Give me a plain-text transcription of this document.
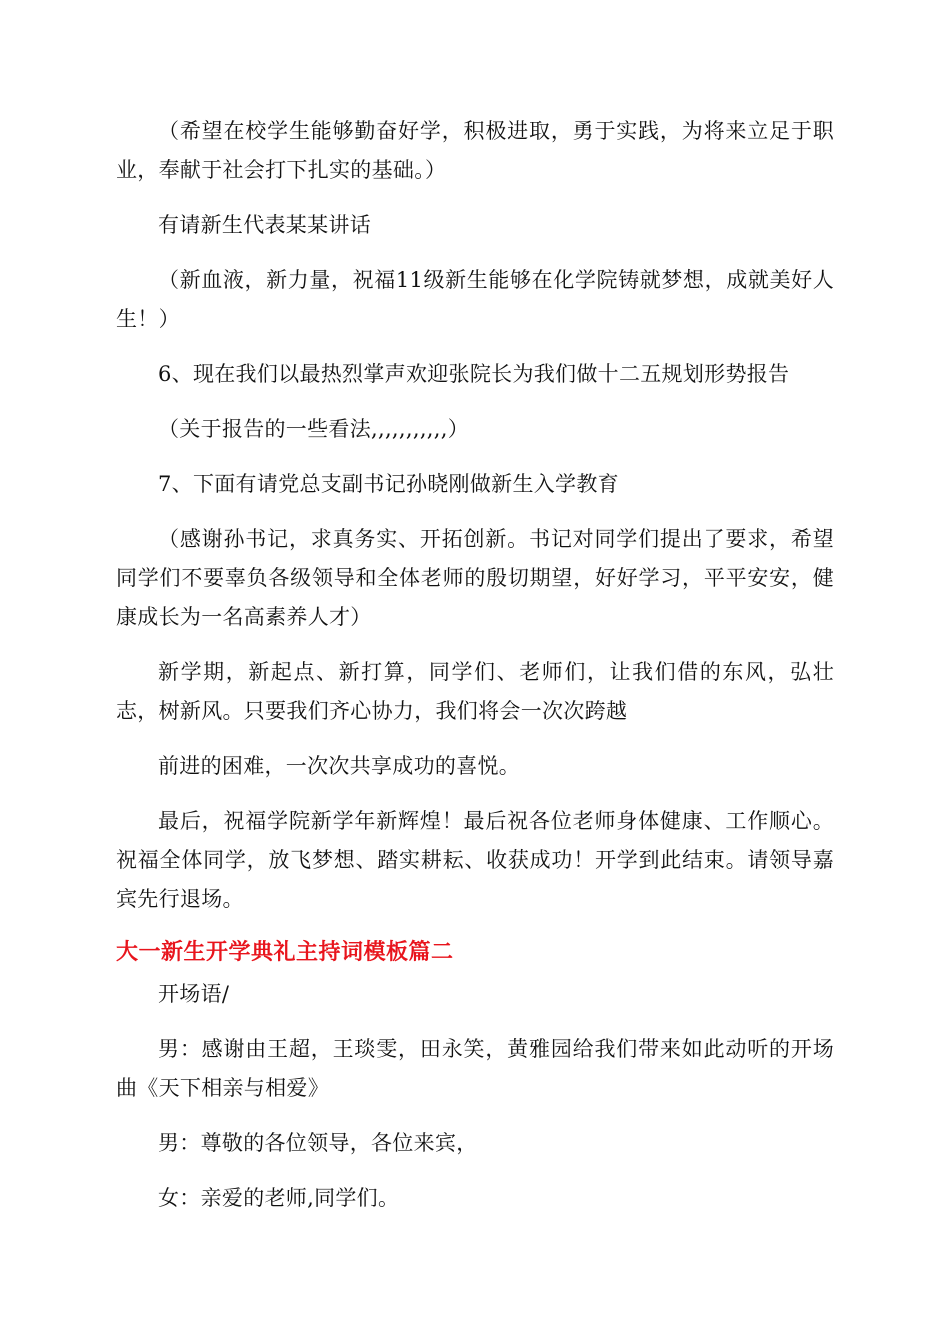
（希望在校学生能够勤奋好学，积极进取，勇于实践，为将来立足于职业，奉献于社会打下扎实的基础。）

有请新生代表某某讲话

（新血液，新力量，祝福11级新生能够在化学院铸就梦想，成就美好人生！）

6、现在我们以最热烈掌声欢迎张院长为我们做十二五规划形势报告

（关于报告的一些看法,,,,,,,,,,,）

7、下面有请党总支副书记孙晓刚做新生入学教育

（感谢孙书记，求真务实、开拓创新。书记对同学们提出了要求，希望同学们不要辜负各级领导和全体老师的殷切期望，好好学习，平平安安，健康成长为一名高素养人才）

新学期，新起点、新打算，同学们、老师们，让我们借的东风，弘壮志，树新风。只要我们齐心协力，我们将会一次次跨越

前进的困难，一次次共享成功的喜悦。

最后，祝福学院新学年新辉煌！最后祝各位老师身体健康、工作顺心。祝福全体同学，放飞梦想、踏实耕耘、收获成功！开学到此结束。请领导嘉宾先行退场。

大一新生开学典礼主持词模板篇二

开场语/

男：感谢由王超，王琰雯，田永笑，黄雅园给我们带来如此动听的开场曲《天下相亲与相爱》

男：尊敬的各位领导，各位来宾，

女：亲爱的老师,同学们。
